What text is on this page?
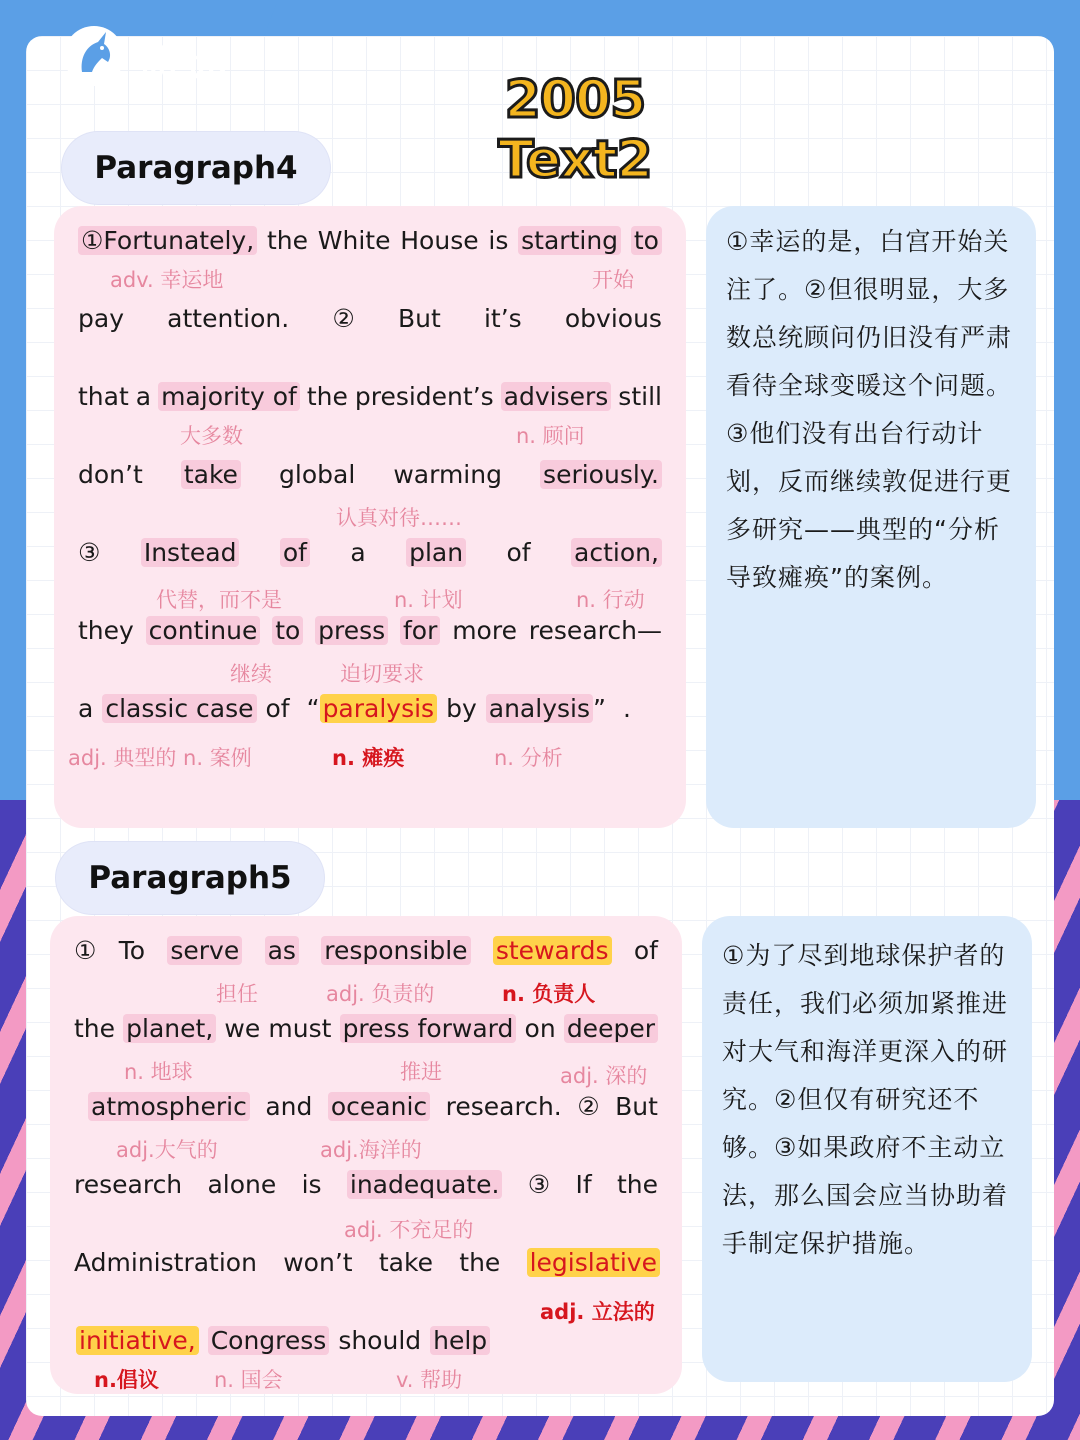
研途
2005 Text2
Paragraph4
①Fortunately, the White House is starting to
adv. 幸运地	开始
pay attention. ② But it’s obvious
that a majority of the president’s advisers still
大多数	n. 顾问
don’t take global warming seriously.
认真对待……
③ Instead of a plan of action,
代替，而不是	n. 计划	n. 行动
they continue to press for more research—
继续	迫切要求
a classic case of “ paralysis by analysis ” .
adj. 典型的 n. 案例	n. 瘫痪	n. 分析
①幸运的是，白宫开始关
注了。②但很明显，大多
数总统顾问仍旧没有严肃
看待全球变暖这个问题。
③他们没有出台行动计
划，反而继续敦促进行更
多研究——典型的“分析
导致瘫痪”的案例。
Paragraph5
① To serve as responsible stewards of
担任	adj. 负责的	n. 负责人
the planet, we must press forward on deeper
n. 地球	推进	adj. 深的
atmospheric and oceanic research. ② But
adj.大气的	adj.海洋的
research alone is inadequate. ③ If the
adj. 不充足的
Administration won’t take the legislative
adj. 立法的
initiative, Congress should help
n.倡议	n. 国会	v. 帮助
①为了尽到地球保护者的
责任，我们必须加紧推进
对大气和海洋更深入的研
究。②但仅有研究还不
够。③如果政府不主动立
法，那么国会应当协助着
手制定保护措施。
